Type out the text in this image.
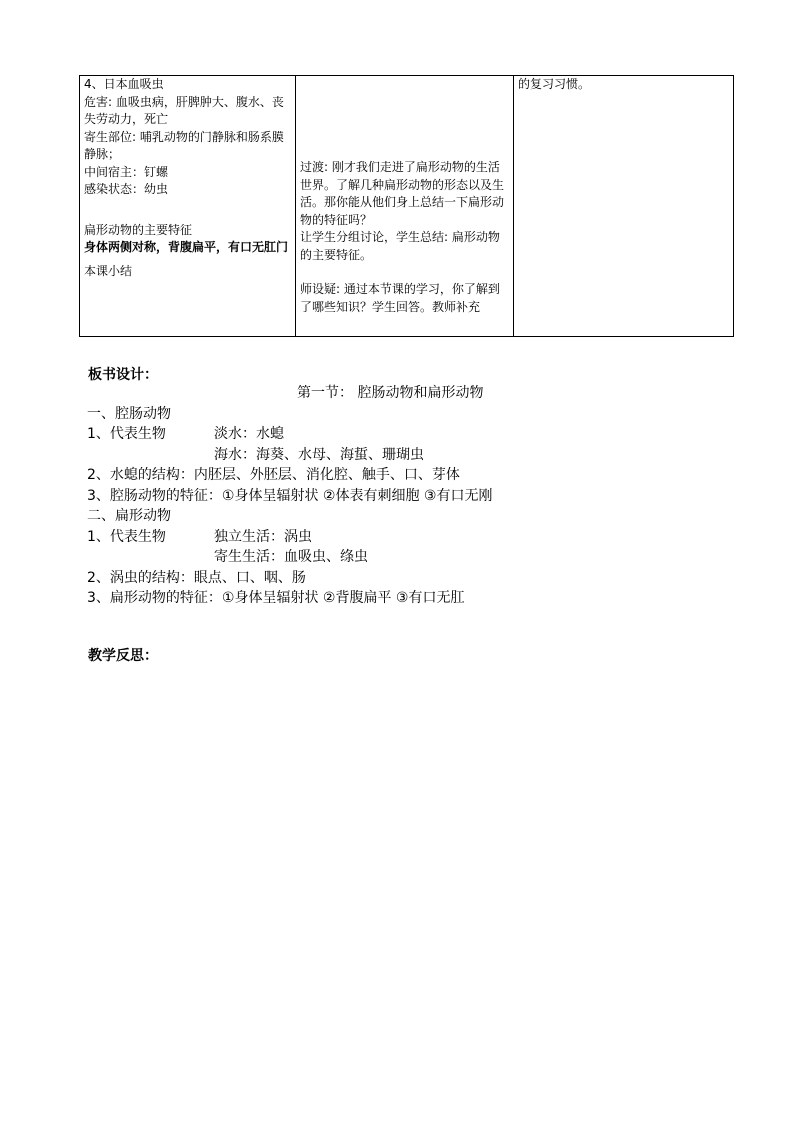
4、日本血吸虫
危害: 血吸虫病，肝脾肿大、腹水、丧失劳动力，死亡
寄生部位: 哺乳动物的门静脉和肠系膜静脉；
中间宿主：钉螺
感染状态：幼虫
扁形动物的主要特征
身体两侧对称，背腹扁平，有口无肛门
本课小结

过渡: 刚才我们走进了扁形动物的生活世界。了解几种扁形动物的形态以及生活。那你能从他们身上总结一下扁形动物的特征吗？
让学生分组讨论，学生总结: 扁形动物的主要特征。
师设疑: 通过本节课的学习，你了解到了哪些知识？学生回答。教师补充

的复习习惯。
板书设计：
第一节： 腔肠动物和扁形动物
一、腔肠动物
1、代表生物	淡水：水螅
海水：海葵、水母、海蜇、珊瑚虫
2、水螅的结构：内胚层、外胚层、消化腔、触手、口、芽体
3、腔肠动物的特征：①身体呈辐射状 ②体表有刺细胞 ③有口无刚
二、扁形动物
1、代表生物	独立生活：涡虫
寄生生活：血吸虫、绦虫
2、涡虫的结构：眼点、口、咽、肠
3、扁形动物的特征：①身体呈辐射状 ②背腹扁平 ③有口无肛
教学反思：
